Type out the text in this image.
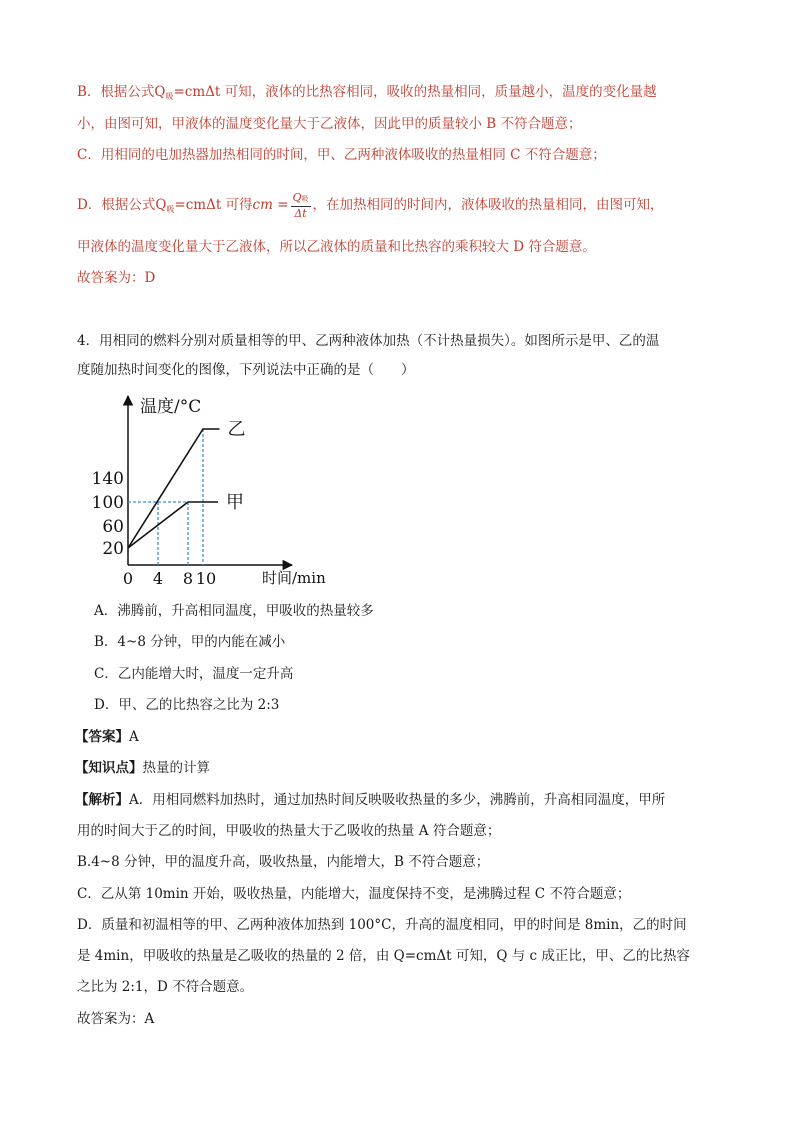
B．根据公式$Q_吸=cm\Delta t$ 可知，液体的比热容相同，吸收的热量相同，质量越小，温度的变化量越
小，由图可知，甲液体的温度变化量大于乙液体，因此甲的质量较小 B 不符合题意；
C．用相同的电加热器加热相同的时间，甲、乙两种液体吸收的热量相同 C 不符合题意；
D．根据公式$Q_吸=cm\Delta t$ 可得cm = $\frac{\text{Q吸}}{\Delta t}$ ，在加热相同的时间内，液体吸收的热量相同，由图可知，
甲液体的温度变化量大于乙液体，所以乙液体的质量和比热容的乘积较大 D 符合题意。
故答案为：D
4．用相同的燃料分别对质量相等的甲、乙两种液体加热（不计热量损失）。如图所示是甲、乙的温
度随加热时间变化的图像，下列说法中正确的是（　　）
温度/°C
时间/min
20
60
100
140
0 4 8 10
甲
乙
A．沸腾前，升高相同温度，甲吸收的热量较多
B．4~8 分钟，甲的内能在减小
C．乙内能增大时，温度一定升高
D．甲、乙的比热容之比为 2:3
【答案】A
【知识点】热量的计算
【解析】A．用相同燃料加热时，通过加热时间反映吸收热量的多少，沸腾前，升高相同温度，甲所
用的时间大于乙的时间，甲吸收的热量大于乙吸收的热量 A 符合题意；
B.4~8 分钟，甲的温度升高，吸收热量，内能增大，B 不符合题意；
C．乙从第 10min 开始，吸收热量，内能增大，温度保持不变，是沸腾过程 C 不符合题意；
D．质量和初温相等的甲、乙两种液体加热到 100°C，升高的温度相同，甲的时间是 8min，乙的时间
是 4min，甲吸收的热量是乙吸收的热量的 2 倍，由 Q=cmΔt 可知，Q 与 c 成正比，甲、乙的比热容
之比为 2:1，D 不符合题意。
故答案为：A
